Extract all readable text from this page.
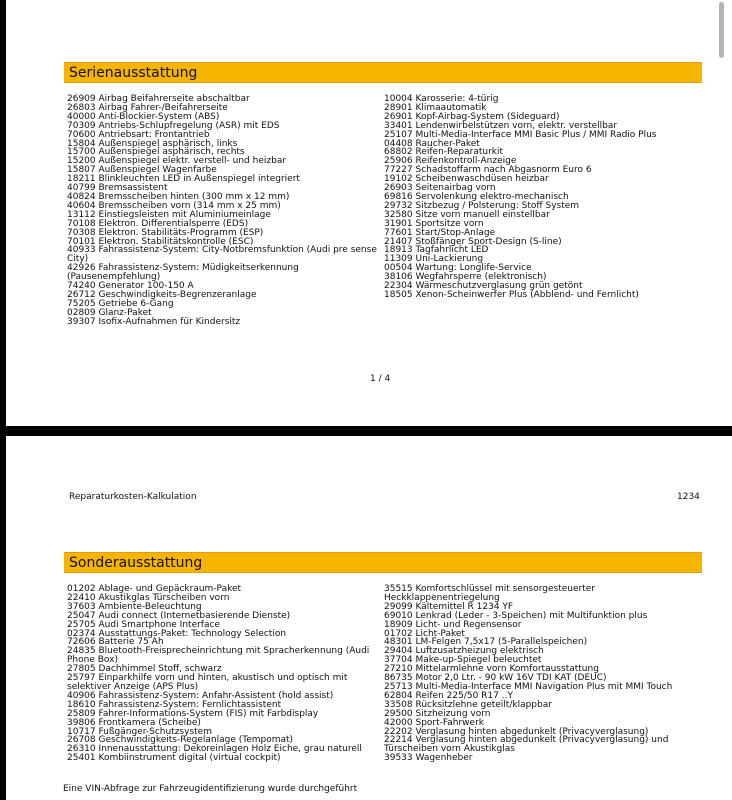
Serienausstattung
26909 Airbag Beifahrerseite abschaltbar
26803 Airbag Fahrer-/Beifahrerseite
40000 Anti-Blockier-System (ABS)
70309 Antriebs-Schlupfregelung (ASR) mit EDS
70600 Antriebsart: Frontantrieb
15804 Außenspiegel asphärisch, links
15700 Außenspiegel asphärisch, rechts
15200 Außenspiegel elektr. verstell- und heizbar
15807 Außenspiegel Wagenfarbe
18211 Blinkleuchten LED in Außenspiegel integriert
40799 Bremsassistent
40824 Bremsscheiben hinten (300 mm x 12 mm)
40604 Bremsscheiben vorn (314 mm x 25 mm)
13112 Einstiegsleisten mit Aluminiumeinlage
70108 Elektron. Differentialsperre (EDS)
70308 Elektron. Stabilitäts-Programm (ESP)
70101 Elektron. Stabilitätskontrolle (ESC)
40933 Fahrassistenz-System: City-Notbremsfunktion (Audi pre sense City)
42926 Fahrassistenz-System: Müdigkeitserkennung (Pausenempfehlung)
74240 Generator 100-150 A
26712 Geschwindigkeits-Begrenzeranlage
75205 Getriebe 6-Gang
02809 Glanz-Paket
39307 Isofix-Aufnahmen für Kindersitz
10004 Karosserie: 4-türig
28901 Klimaautomatik
26901 Kopf-Airbag-System (Sideguard)
33401 Lendenwirbelstützen vorn, elektr. verstellbar
25107 Multi-Media-Interface MMI Basic Plus / MMI Radio Plus
04408 Raucher-Paket
68802 Reifen-Reparaturkit
25906 Reifenkontroll-Anzeige
77227 Schadstoffarm nach Abgasnorm Euro 6
19102 Scheibenwaschdüsen heizbar
26903 Seitenairbag vorn
69816 Servolenkung elektro-mechanisch
29732 Sitzbezug / Polsterung: Stoff System
32580 Sitze vorn manuell einstellbar
31901 Sportsitze vorn
77601 Start/Stop-Anlage
21407 Stoßfänger Sport-Design (S-line)
18913 Tagfahrlicht LED
11309 Uni-Lackierung
00504 Wartung: Longlife-Service
38106 Wegfahrsperre (elektronisch)
22304 Wärmeschutzverglasung grün getönt
18505 Xenon-Scheinwerfer Plus (Abblend- und Fernlicht)
1 / 4
Reparaturkosten-Kalkulation	1234
Sonderausstattung
01202 Ablage- und Gepäckraum-Paket
22410 Akustikglas Türscheiben vorn
37603 Ambiente-Beleuchtung
25047 Audi connect (Internetbasierende Dienste)
25705 Audi Smartphone Interface
02374 Ausstattungs-Paket: Technology Selection
72606 Batterie 75 Ah
24835 Bluetooth-Freisprecheinrichtung mit Spracherkennung (Audi Phone Box)
27805 Dachhimmel Stoff, schwarz
25797 Einparkhilfe vorn und hinten, akustisch und optisch mit selektiver Anzeige (APS Plus)
40906 Fahrassistenz-System: Anfahr-Assistent (hold assist)
18610 Fahrassistenz-System: Fernlichtassistent
25809 Fahrer-Informations-System (FIS) mit Farbdisplay
39806 Frontkamera (Scheibe)
10717 Fußgänger-Schutzsystem
26708 Geschwindigkeits-Regelanlage (Tempomat)
26310 Innenausstattung: Dekoreinlagen Holz Eiche, grau naturell
25401 Kombiinstrument digital (virtual cockpit)
35515 Komfortschlüssel mit sensorgesteuerter Heckklappenentriegelung
29099 Kältemittel R 1234 YF
69010 Lenkrad (Leder - 3-Speichen) mit Multifunktion plus
18909 Licht- und Regensensor
01702 Licht-Paket
48301 LM-Felgen 7,5x17 (5-Parallelspeichen)
29404 Luftzusatzheizung elektrisch
37704 Make-up-Spiegel beleuchtet
27210 Mittelarmlehne vorn Komfortausstattung
86735 Motor 2,0 Ltr. - 90 kW 16V TDI KAT (DEUC)
25713 Multi-Media-Interface MMI Navigation Plus mit MMI Touch
62804 Reifen 225/50 R17 ..Y
33508 Rücksitzlehne geteilt/klappbar
29500 Sitzheizung vorn
42000 Sport-Fahrwerk
22202 Verglasung hinten abgedunkelt (Privacyverglasung)
22214 Verglasung hinten abgedunkelt (Privacyverglasung) und Türscheiben vorn Akustikglas
39533 Wagenheber
Eine VIN-Abfrage zur Fahrzeugidentifizierung wurde durchgeführt
